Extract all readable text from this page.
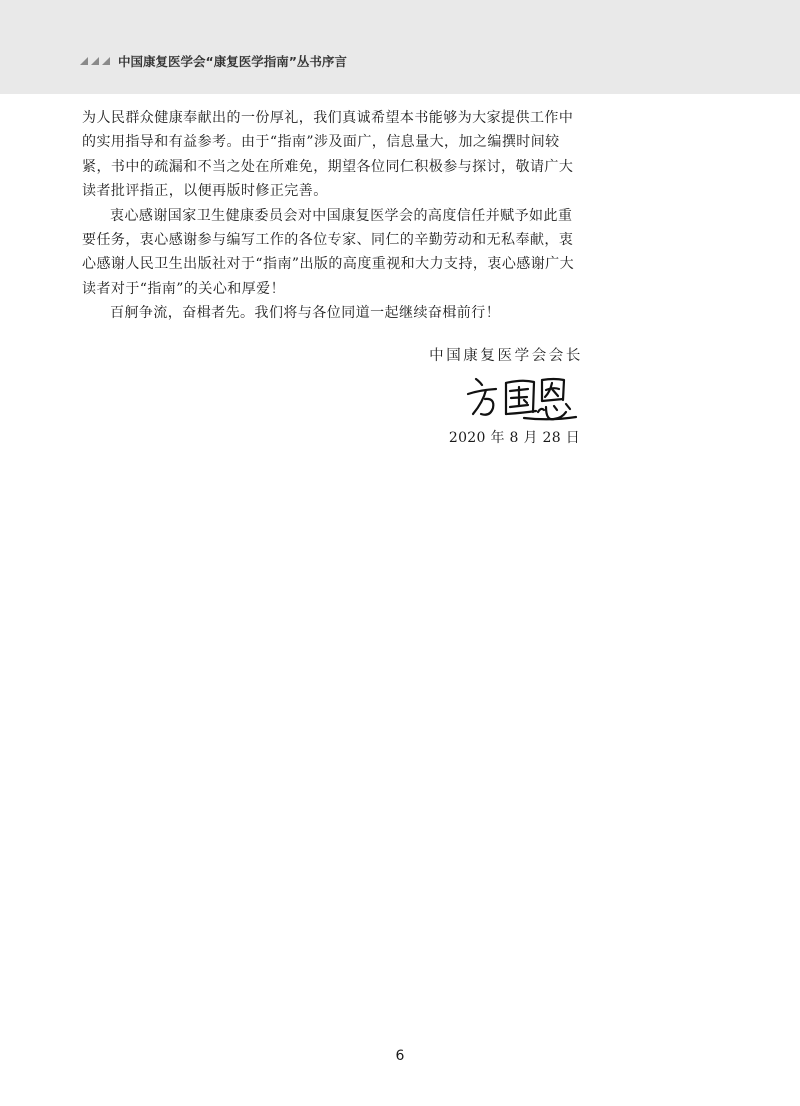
中国康复医学会“康复医学指南”丛书序言

为人民群众健康奉献出的一份厚礼，我们真诚希望本书能够为大家提供工作中的实用指导和有益参考。由于“指南”涉及面广，信息量大，加之编撰时间较紧，书中的疏漏和不当之处在所难免，期望各位同仁积极参与探讨，敬请广大读者批评指正，以便再版时修正完善。

衷心感谢国家卫生健康委员会对中国康复医学会的高度信任并赋予如此重要任务，衷心感谢参与编写工作的各位专家、同仁的辛勤劳动和无私奉献，衷心感谢人民卫生出版社对于“指南”出版的高度重视和大力支持，衷心感谢广大读者对于“指南”的关心和厚爱！

百舸争流，奋楫者先。我们将与各位同道一起继续奋楫前行！

中国康复医学会会长
2020 年 8 月 28 日
6
